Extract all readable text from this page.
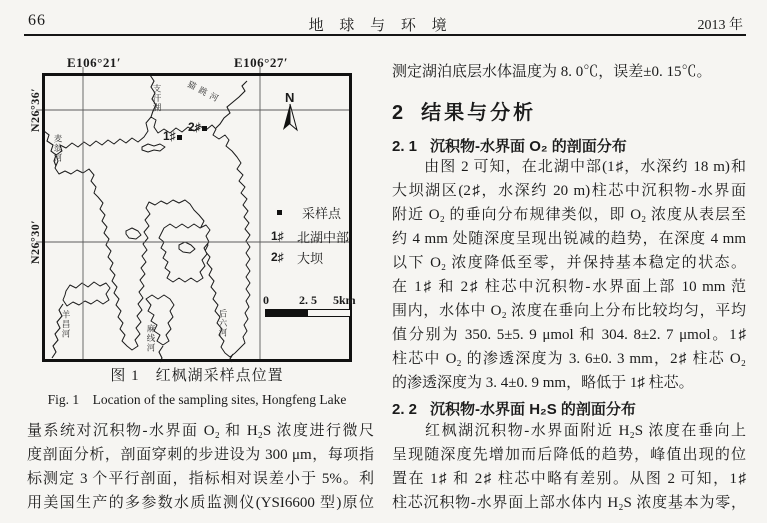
66	地 球 与 环 境	2013 年
E106°21′	E106°27′
N26°36′
N26°30′
支汗湖	猫跳河
麦翁河
羊昌河	麻线河
后六河
N
1♯
2♯
采样点
1♯ 北湖中部
2♯ 大坝
0	2. 5 5km
图 1　红枫湖采样点位置
Fig. 1　Location of the sampling sites, Hongfeng Lake
量系统对沉积物-水界面 O₂ 和 H₂S 浓度进行微尺
度剖面分析，剖面穿刺的步进设为 300 μm，每项指
标测定 3 个平行剖面，指标相对误差小于 5%。利
用美国生产的多参数水质监测仪(YSI6600 型)原位
测定湖泊底层水体温度为 8. 0℃，误差±0. 15℃。
2 结果与分析
2. 1 沉积物-水界面 O₂ 的剖面分布
　　由图 2 可知，在北湖中部(1♯，水深约 18 m)和
大坝湖区(2♯，水深约 20 m)柱芯中沉积物-水界面
附近 O₂ 的垂向分布规律类似，即 O₂ 浓度从表层至
约 4 mm 处随深度呈现出锐减的趋势，在深度 4 mm
以下 O₂ 浓度降低至零，并保持基本稳定的状态。
在 1♯ 和 2♯ 柱芯中沉积物-水界面上部 10 mm 范
围内，水体中 O₂ 浓度在垂向上分布比较均匀，平均
值分别为 350. 5±5. 9 μmol 和 304. 8±2. 7 μmol。1♯
柱芯中 O₂ 的渗透深度为 3. 6±0. 3 mm，2♯ 柱芯 O₂
的渗透深度为 3. 4±0. 9 mm，略低于 1♯ 柱芯。
2. 2 沉积物-水界面 H₂S 的剖面分布
　　红枫湖沉积物-水界面附近 H₂S 浓度在垂向上
呈现随深度先增加而后降低的趋势，峰值出现的位
置在 1♯ 和 2♯ 柱芯中略有差别。从图 2 可知，1♯
柱芯沉积物-水界面上部水体内 H₂S 浓度基本为零，
